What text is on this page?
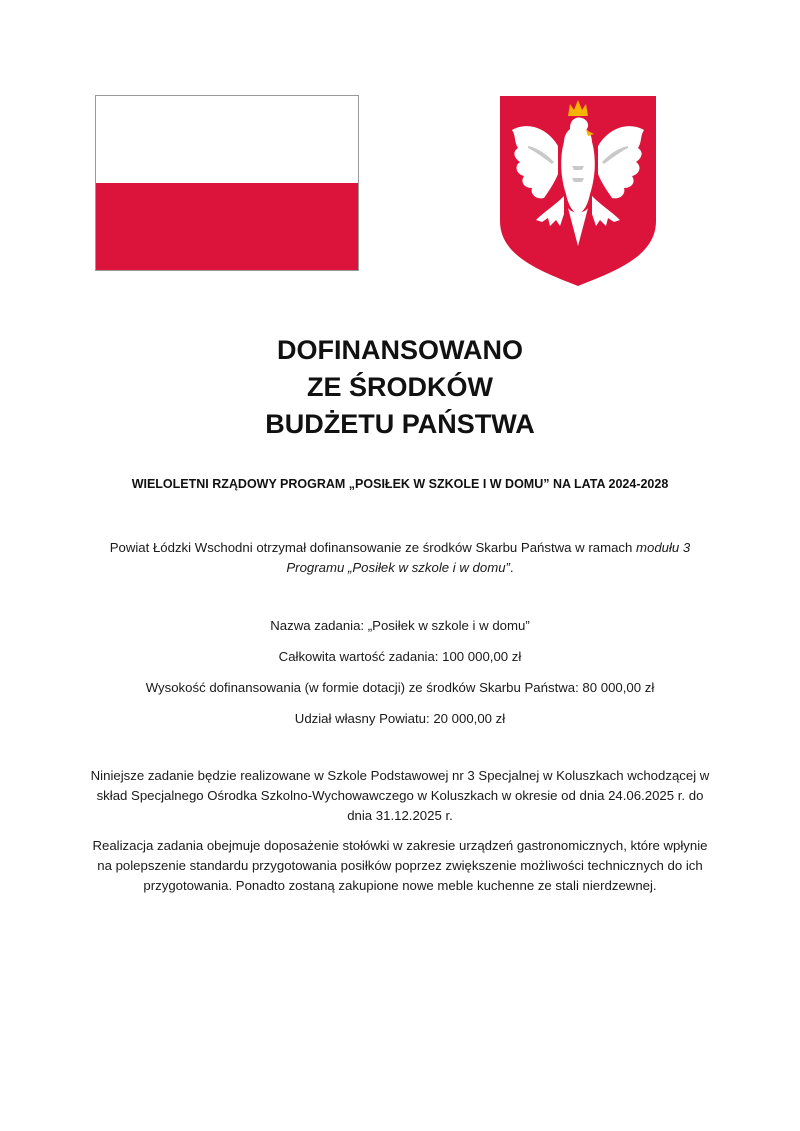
DOFINANSOWANO
ZE ŚRODKÓW
BUDŻETU PAŃSTWA
WIELOLETNI RZĄDOWY PROGRAM „POSIŁEK W SZKOLE I W DOMU” NA LATA 2024-2028
Powiat Łódzki Wschodni otrzymał dofinansowanie ze środków Skarbu Państwa w ramach modułu 3 Programu „Posiłek w szkole i w domu”.
Nazwa zadania: „Posiłek w szkole i w domu”
Całkowita wartość zadania: 100 000,00 zł
Wysokość dofinansowania (w formie dotacji) ze środków Skarbu Państwa: 80 000,00 zł
Udział własny Powiatu: 20 000,00 zł
Niniejsze zadanie będzie realizowane w Szkole Podstawowej nr 3 Specjalnej w Koluszkach wchodzącej w skład Specjalnego Ośrodka Szkolno-Wychowawczego w Koluszkach w okresie od dnia 24.06.2025 r. do dnia 31.12.2025 r.
Realizacja zadania obejmuje doposażenie stołówki w zakresie urządzeń gastronomicznych, które wpłynie na polepszenie standardu przygotowania posiłków poprzez zwiększenie możliwości technicznych do ich przygotowania. Ponadto zostaną zakupione nowe meble kuchenne ze stali nierdzewnej.
